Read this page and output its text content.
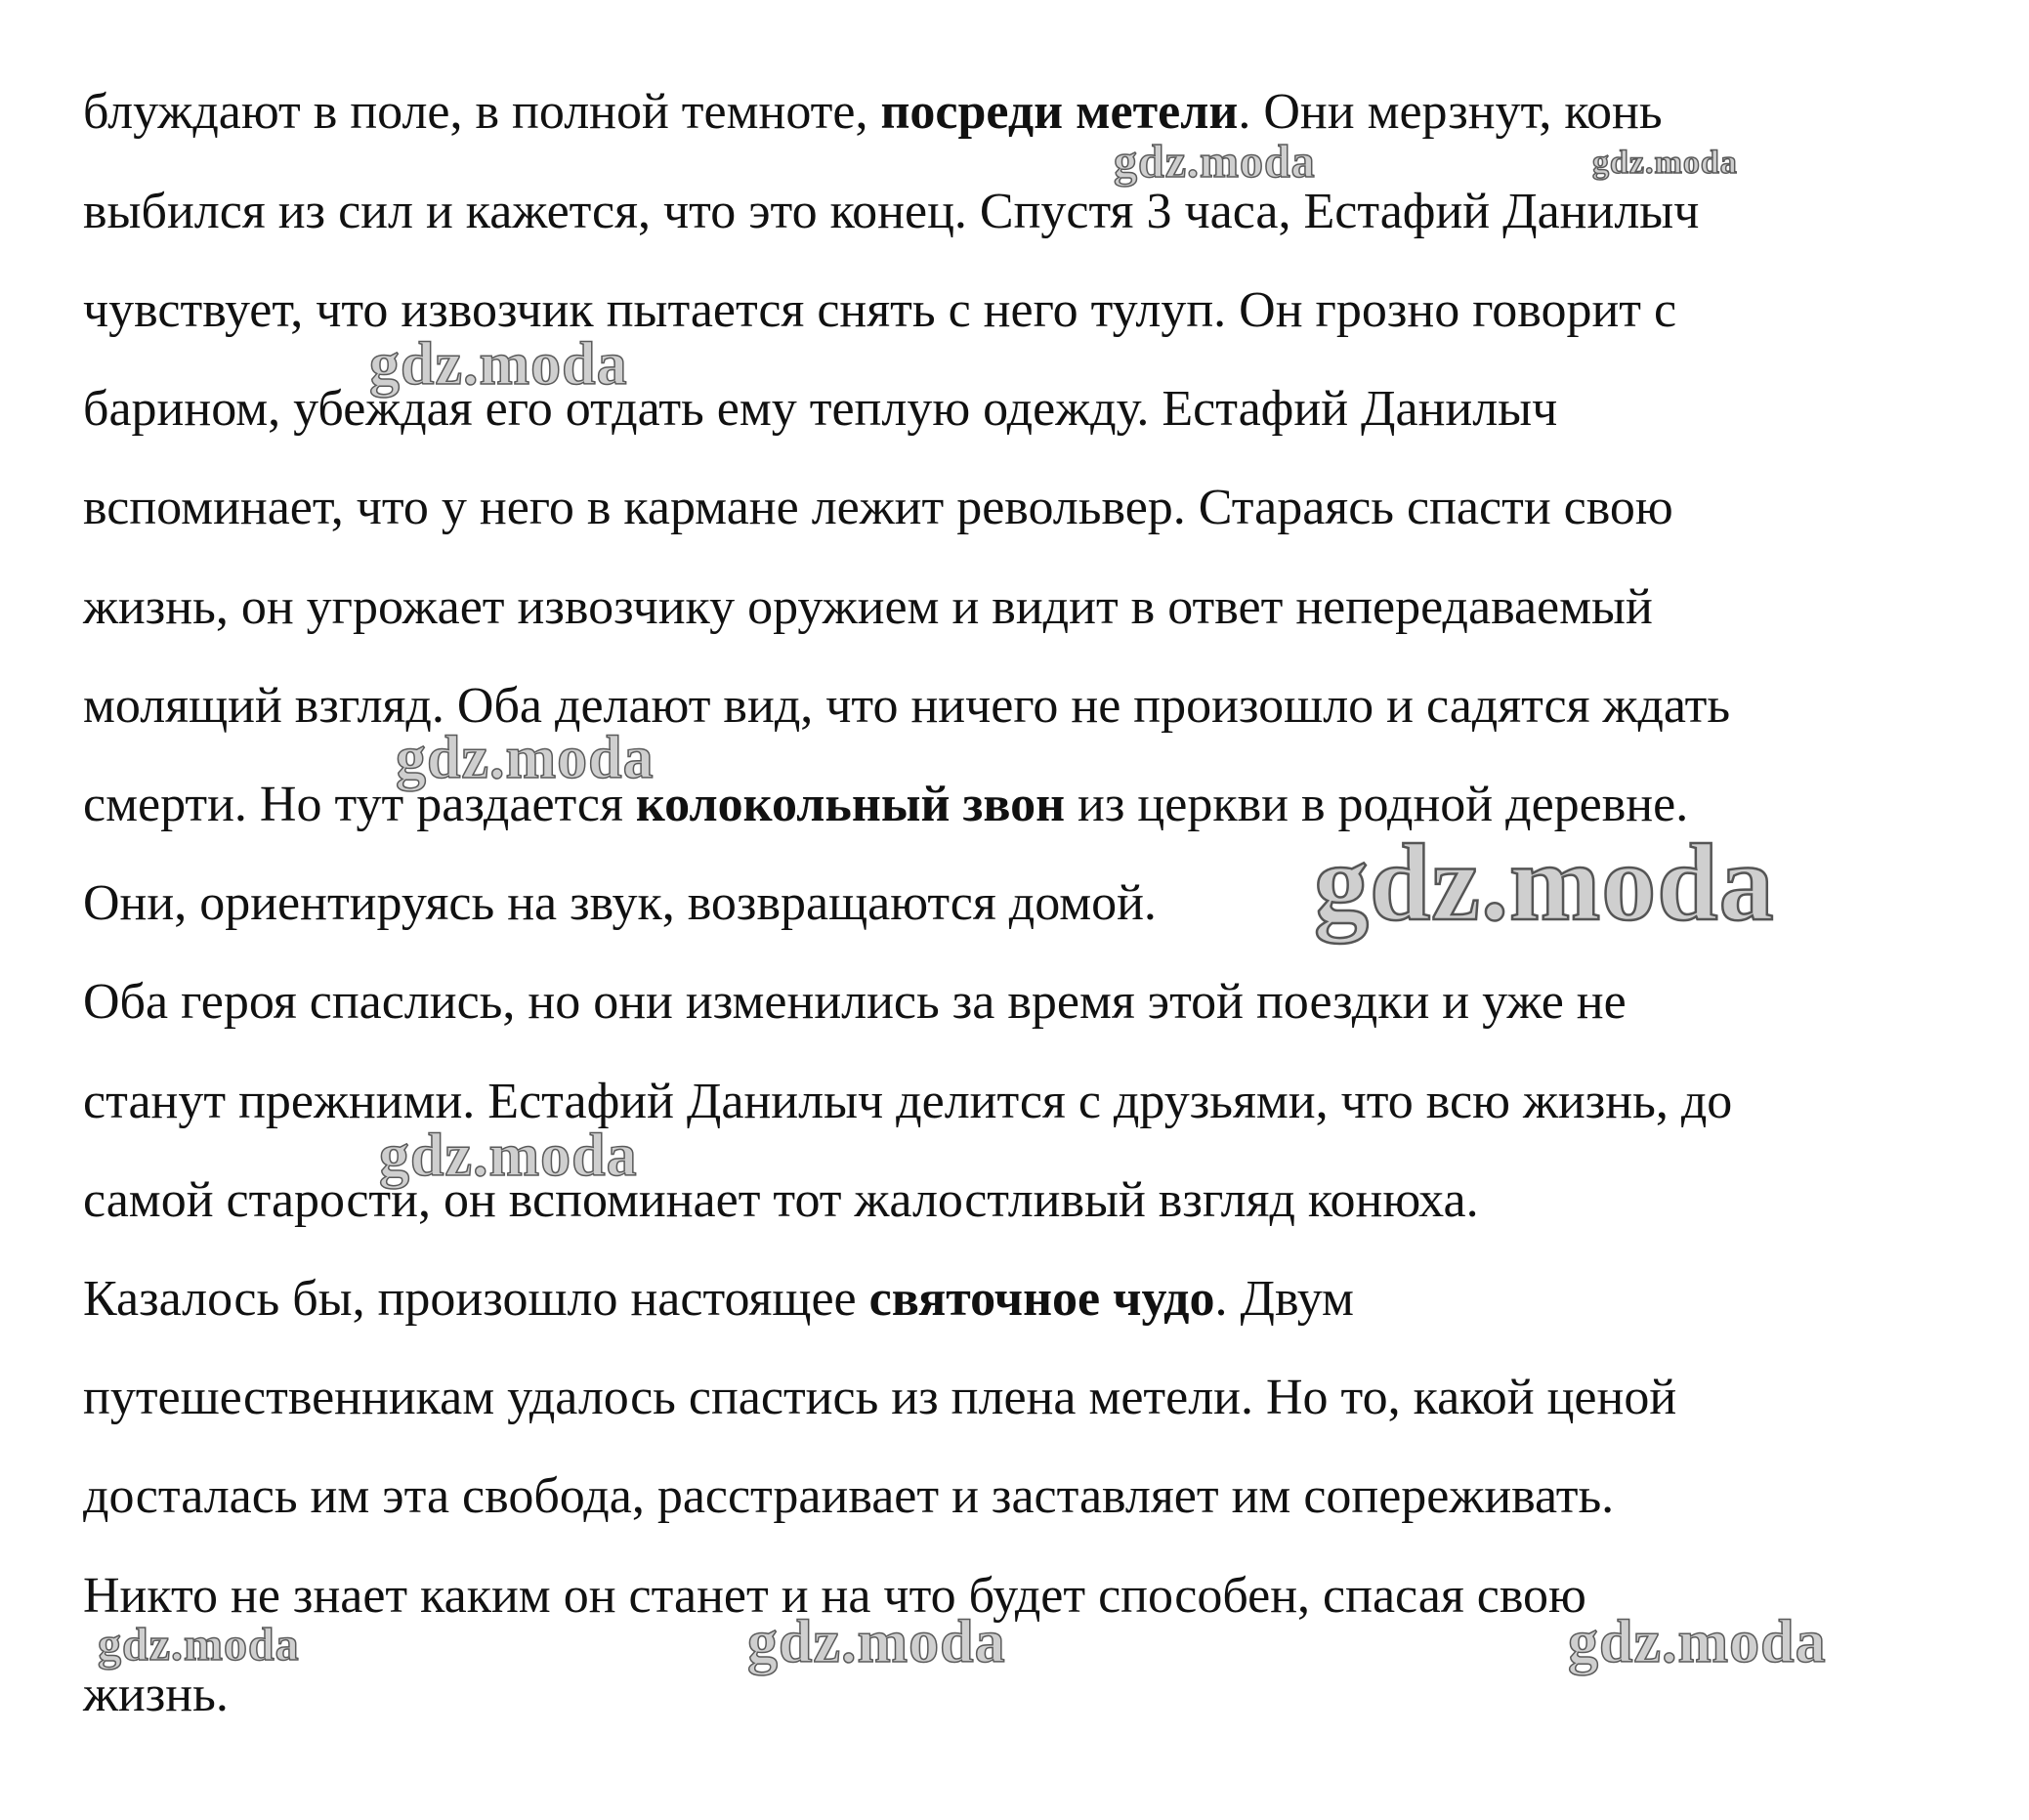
блуждают в поле, в полной темноте, посреди метели. Они мерзнут, конь

выбился из сил и кажется, что это конец. Спустя 3 часа, Естафий Данилыч

чувствует, что извозчик пытается снять с него тулуп. Он грозно говорит с

барином, убеждая его отдать ему теплую одежду. Естафий Данилыч

вспоминает, что у него в кармане лежит револьвер. Стараясь спасти свою

жизнь, он угрожает извозчику оружием и видит в ответ непередаваемый

молящий взгляд. Оба делают вид, что ничего не произошло и садятся ждать

смерти. Но тут раздается колокольный звон из церкви в родной деревне.

Они, ориентируясь на звук, возвращаются домой.

Оба героя спаслись, но они изменились за время этой поездки и уже не

станут прежними. Естафий Данилыч делится с друзьями, что всю жизнь, до

самой старости, он вспоминает тот жалостливый взгляд конюха.

Казалось бы, произошло настоящее святочное чудо. Двум

путешественникам удалось спастись из плена метели. Но то, какой ценой

досталась им эта свобода, расстраивает и заставляет им сопереживать.

Никто не знает каким он станет и на что будет способен, спасая свою

жизнь.

gdz.moda	gdz.moda
gdz.moda
gdz.moda
gdz.moda
gdz.moda
gdz.moda	gdz.moda	gdz.moda
